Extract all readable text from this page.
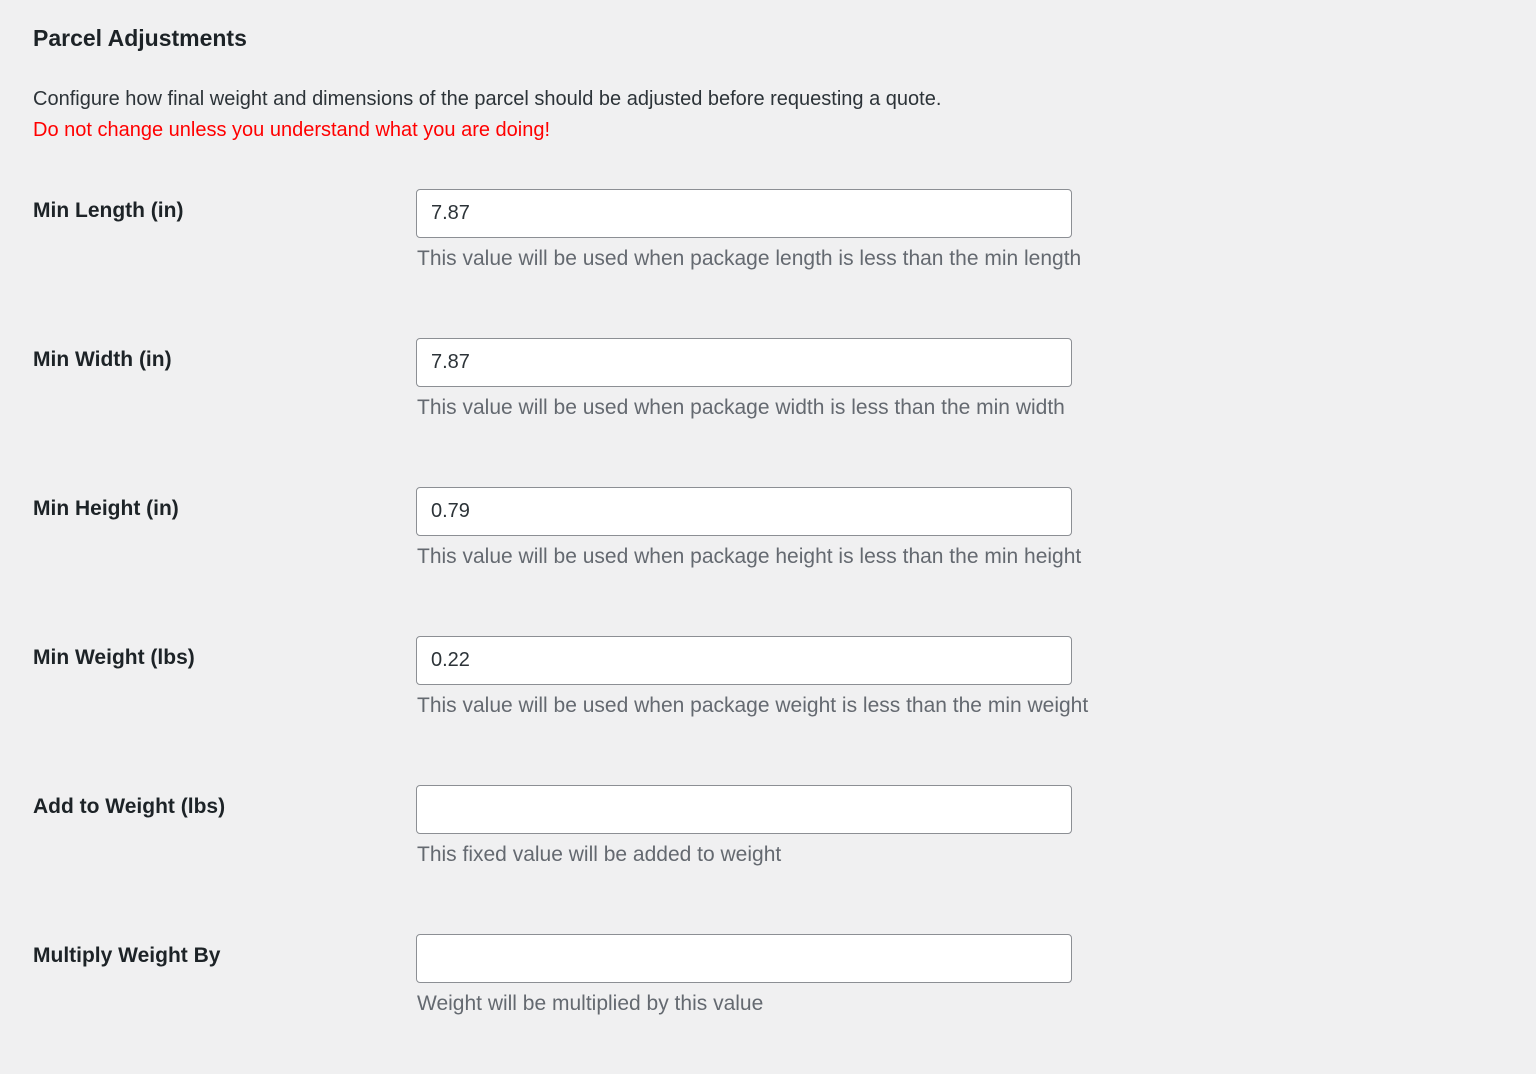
Parcel Adjustments

Configure how final weight and dimensions of the parcel should be adjusted before requesting a quote.
Do not change unless you understand what you are doing!

Min Length (in)
7.87
This value will be used when package length is less than the min length
Min Width (in)
7.87
This value will be used when package width is less than the min width
Min Height (in)
0.79
This value will be used when package height is less than the min height
Min Weight (lbs)
0.22
This value will be used when package weight is less than the min weight
Add to Weight (lbs)
This fixed value will be added to weight
Multiply Weight By
Weight will be multiplied by this value
